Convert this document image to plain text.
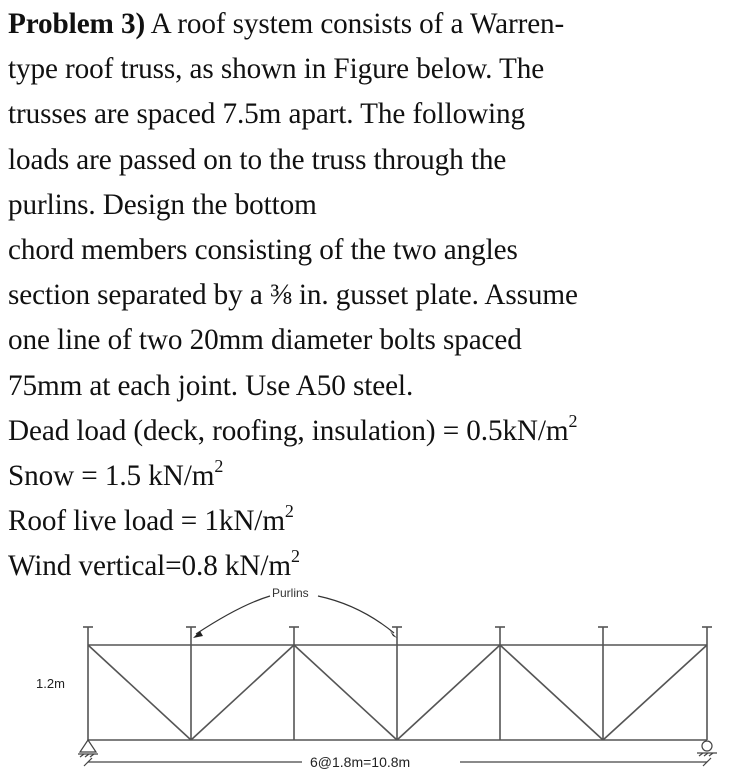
Problem 3) A roof system consists of a Warren-
type roof truss, as shown in Figure below. The
trusses are spaced 7.5m apart. The following
loads are passed on to the truss through the
purlins. Design the bottom
chord members consisting of the two angles
section separated by a ⅜ in. gusset plate. Assume
one line of two 20mm diameter bolts spaced
75mm at each joint. Use A50 steel.
Dead load (deck, roofing, insulation) = $0.5kN/m^2$
Snow = 1.5 $kN/m^2$
Roof live load = $1kN/m^2$
Wind vertical=0.8 $kN/m^2$
Purlins
1.2m
6@1.8m=10.8m
